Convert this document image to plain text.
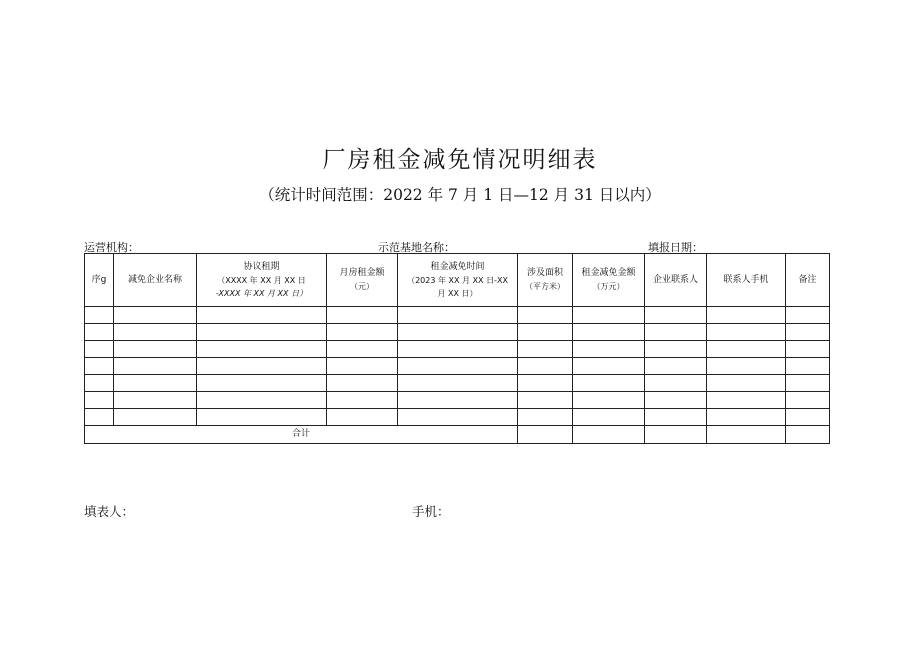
厂房租金减免情况明细表
（统计时间范围：2022 年 7 月 1 日—12 月 31 日以内）
运营机构：	示范基地名称：	填报日期：
序g	减免企业名称	协议租期
（XXXX 年 XX 月 XX 日
-XXXX 年 XX 月 XX 日）	月房租金额
（元）	租金减免时间
（2023 年 XX 月 XX 日-XX
月 XX 日）	涉及面积
（平方米）	租金减免金额
（万元）	企业联系人	联系人手机	备注

合计									
填表人：	手机：
